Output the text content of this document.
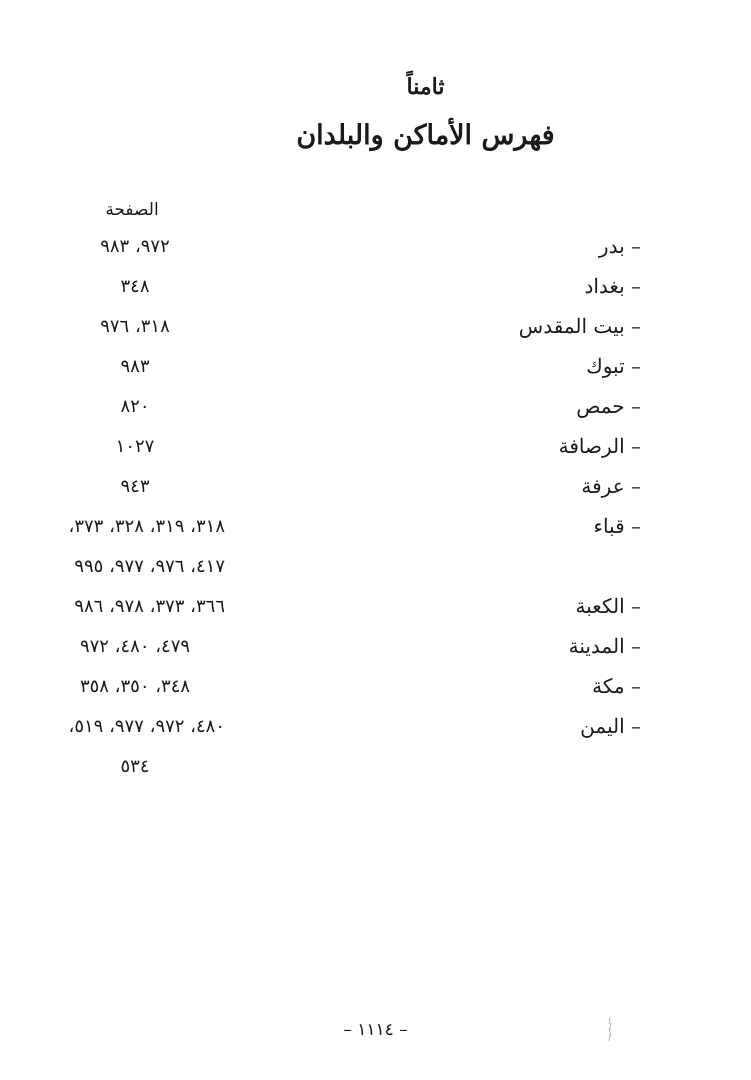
ثامناً
فهرس الأماكن والبلدان
الصفحة
– بدر
٩٧٢، ٩٨٣
– بغداد
٣٤٨
– بيت المقدس
٣١٨، ٩٧٦
– تبوك
٩٨٣
– حمص
٨٢٠
– الرصافة
١٠٢٧
– عرفة
٩٤٣
– قباء
٣١٨، ٣١٩، ٣٢٨، ٣٧٣،
٤١٧، ٩٧٦، ٩٧٧، ٩٩٥
– الكعبة
٣٦٦، ٣٧٣، ٩٧٨، ٩٨٦
– المدينة
٤٧٩، ٤٨٠، ٩٧٢
– مكة
٣٤٨، ٣٥٠، ٣٥٨
– اليمن
٤٨٠، ٩٧٢، ٩٧٧، ٥١٩،
٥٣٤
– ١١١٤ –
